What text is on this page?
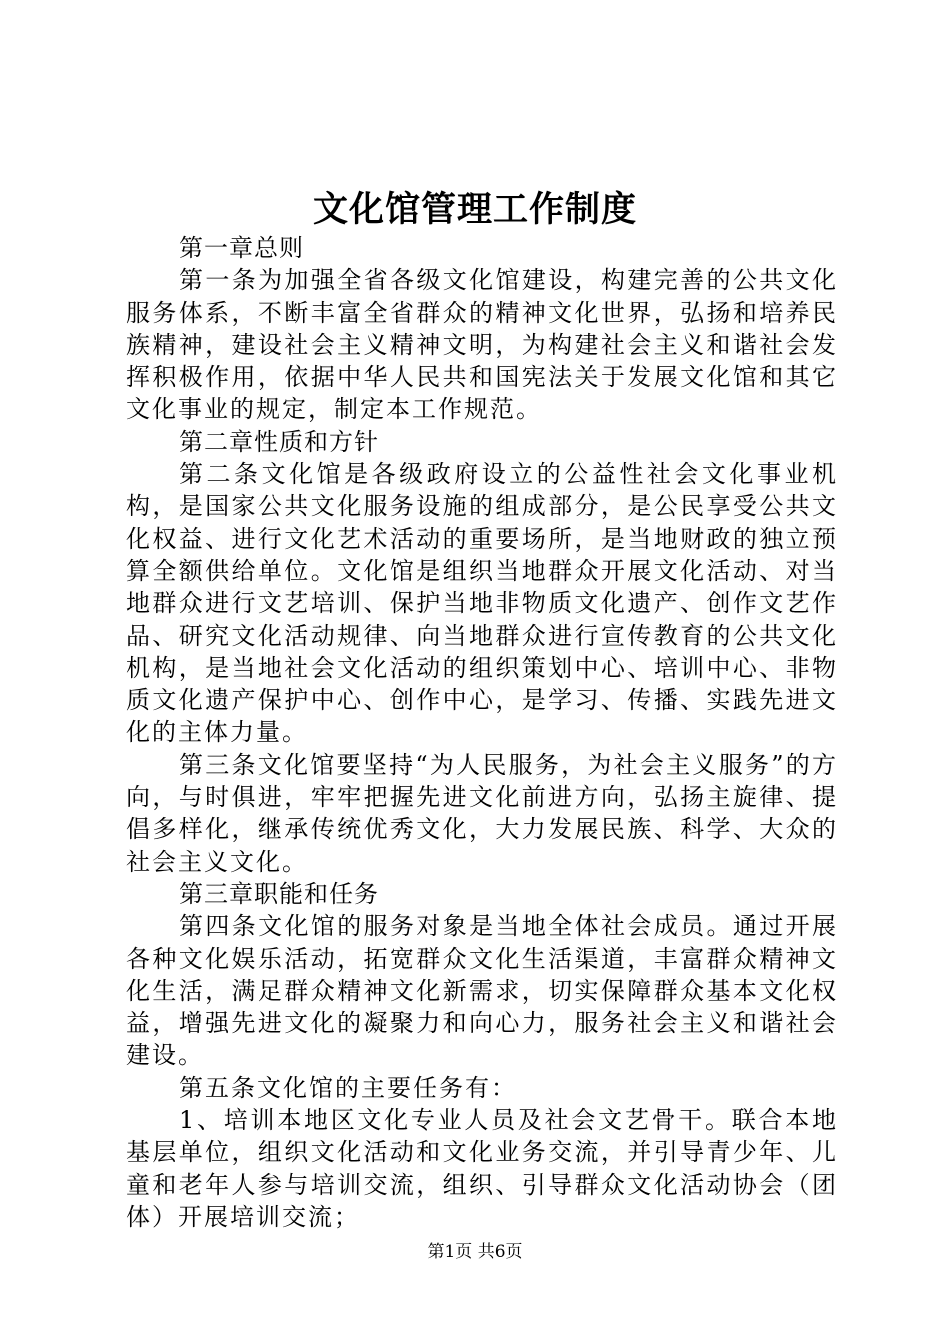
文化馆管理工作制度

第一章总则

第一条为加强全省各级文化馆建设，构建完善的公共文化服务体系，不断丰富全省群众的精神文化世界，弘扬和培养民族精神，建设社会主义精神文明，为构建社会主义和谐社会发挥积极作用，依据中华人民共和国宪法关于发展文化馆和其它文化事业的规定，制定本工作规范。

第二章性质和方针

第二条文化馆是各级政府设立的公益性社会文化事业机构，是国家公共文化服务设施的组成部分，是公民享受公共文化权益、进行文化艺术活动的重要场所，是当地财政的独立预算全额供给单位。文化馆是组织当地群众开展文化活动、对当地群众进行文艺培训、保护当地非物质文化遗产、创作文艺作品、研究文化活动规律、向当地群众进行宣传教育的公共文化机构，是当地社会文化活动的组织策划中心、培训中心、非物质文化遗产保护中心、创作中心，是学习、传播、实践先进文化的主体力量。

第三条文化馆要坚持“为人民服务，为社会主义服务”的方向，与时俱进，牢牢把握先进文化前进方向，弘扬主旋律、提倡多样化，继承传统优秀文化，大力发展民族、科学、大众的社会主义文化。

第三章职能和任务

第四条文化馆的服务对象是当地全体社会成员。通过开展各种文化娱乐活动，拓宽群众文化生活渠道，丰富群众精神文化生活，满足群众精神文化新需求，切实保障群众基本文化权益，增强先进文化的凝聚力和向心力，服务社会主义和谐社会建设。

第五条文化馆的主要任务有：

1、培训本地区文化专业人员及社会文艺骨干。联合本地基层单位，组织文化活动和文化业务交流，并引导青少年、儿童和老年人参与培训交流，组织、引导群众文化活动协会（团体）开展培训交流；

第1页 共6页
